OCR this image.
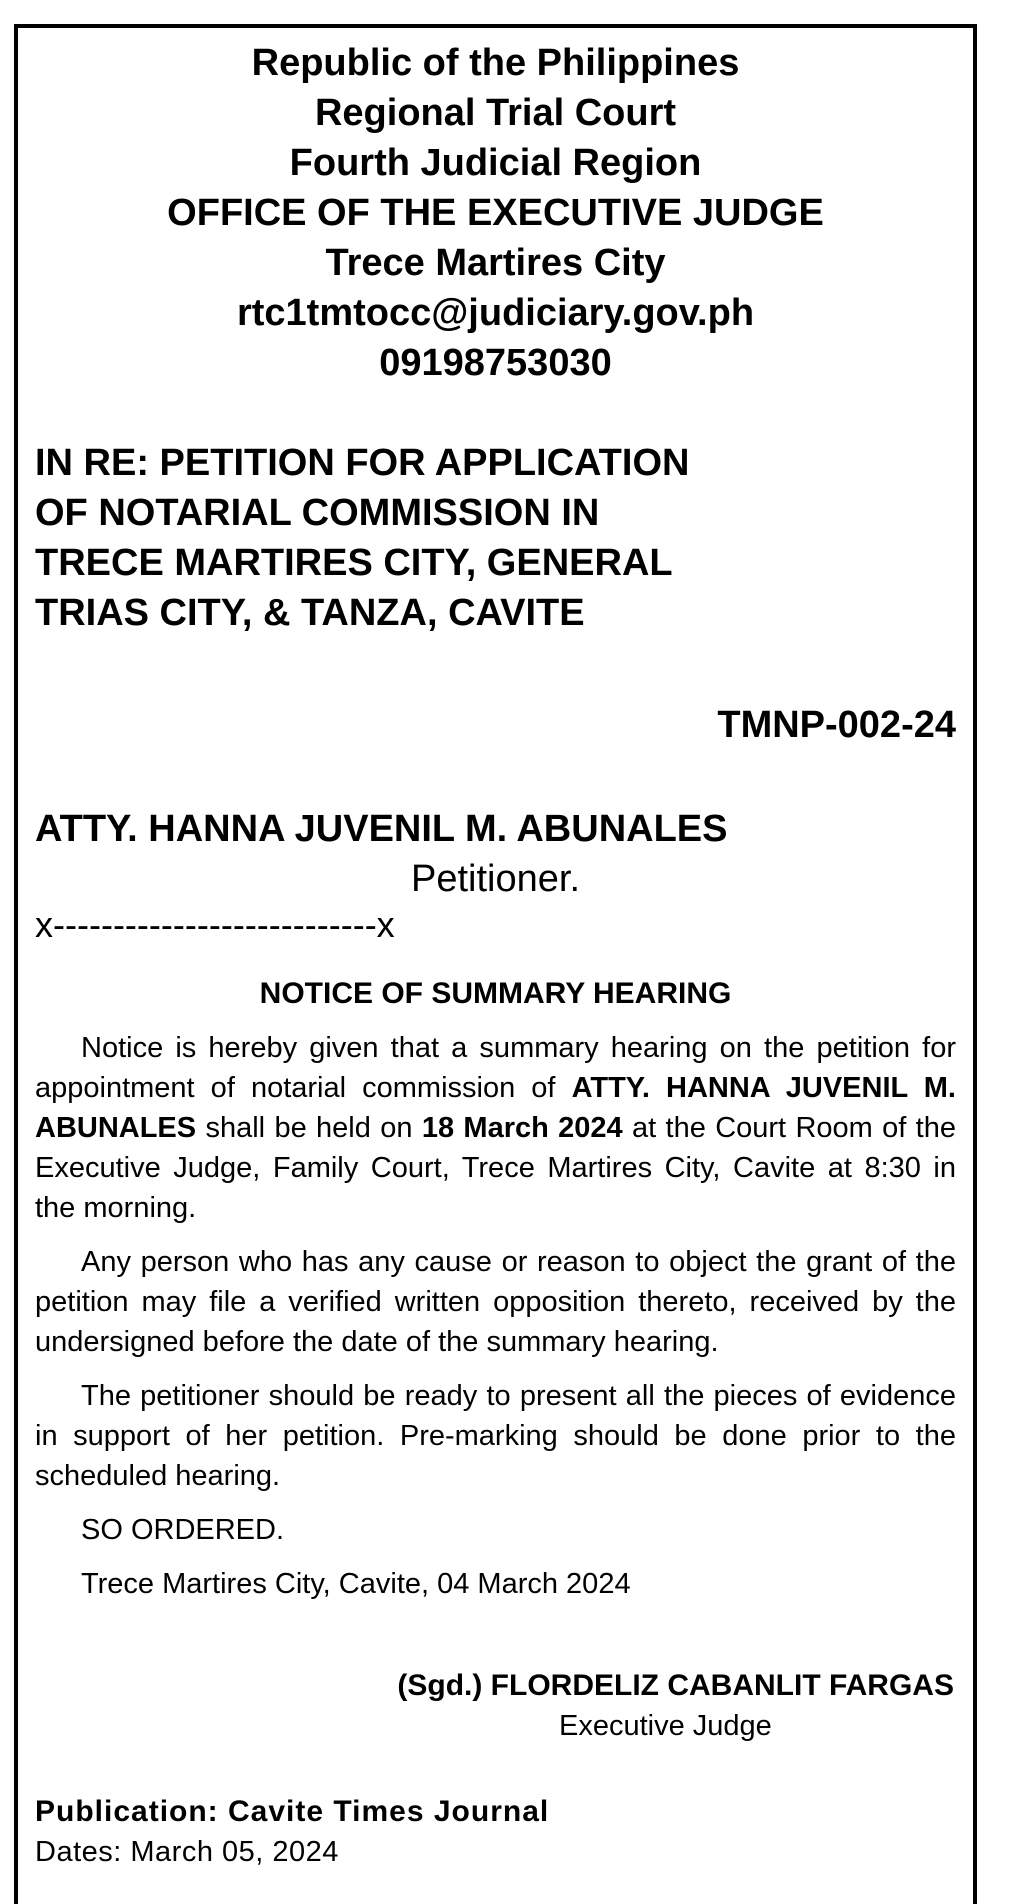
Republic of the Philippines
Regional Trial Court
Fourth Judicial Region
OFFICE OF THE EXECUTIVE JUDGE
Trece Martires City
rtc1tmtocc@judiciary.gov.ph
09198753030
IN RE: PETITION FOR APPLICATION
OF NOTARIAL COMMISSION IN
TRECE MARTIRES CITY, GENERAL
TRIAS CITY, & TANZA, CAVITE
TMNP-002-24
ATTY. HANNA JUVENIL M. ABUNALES
Petitioner.
x---------------------------x
NOTICE OF SUMMARY HEARING

Notice is hereby given that a summary hearing on the petition for appointment of notarial commission of ATTY. HANNA JUVENIL M. ABUNALES shall be held on 18 March 2024 at the Court Room of the Executive Judge, Family Court, Trece Martires City, Cavite at 8:30 in the morning.

Any person who has any cause or reason to object the grant of the petition may file a verified written opposition thereto, received by the undersigned before the date of the summary hearing.

The petitioner should be ready to present all the pieces of evidence in support of her petition. Pre-marking should be done prior to the scheduled hearing.

SO ORDERED.
Trece Martires City, Cavite, 04 March 2024
(Sgd.) FLORDELIZ CABANLIT FARGAS
Executive Judge
Publication: Cavite Times Journal
Dates: March 05, 2024
